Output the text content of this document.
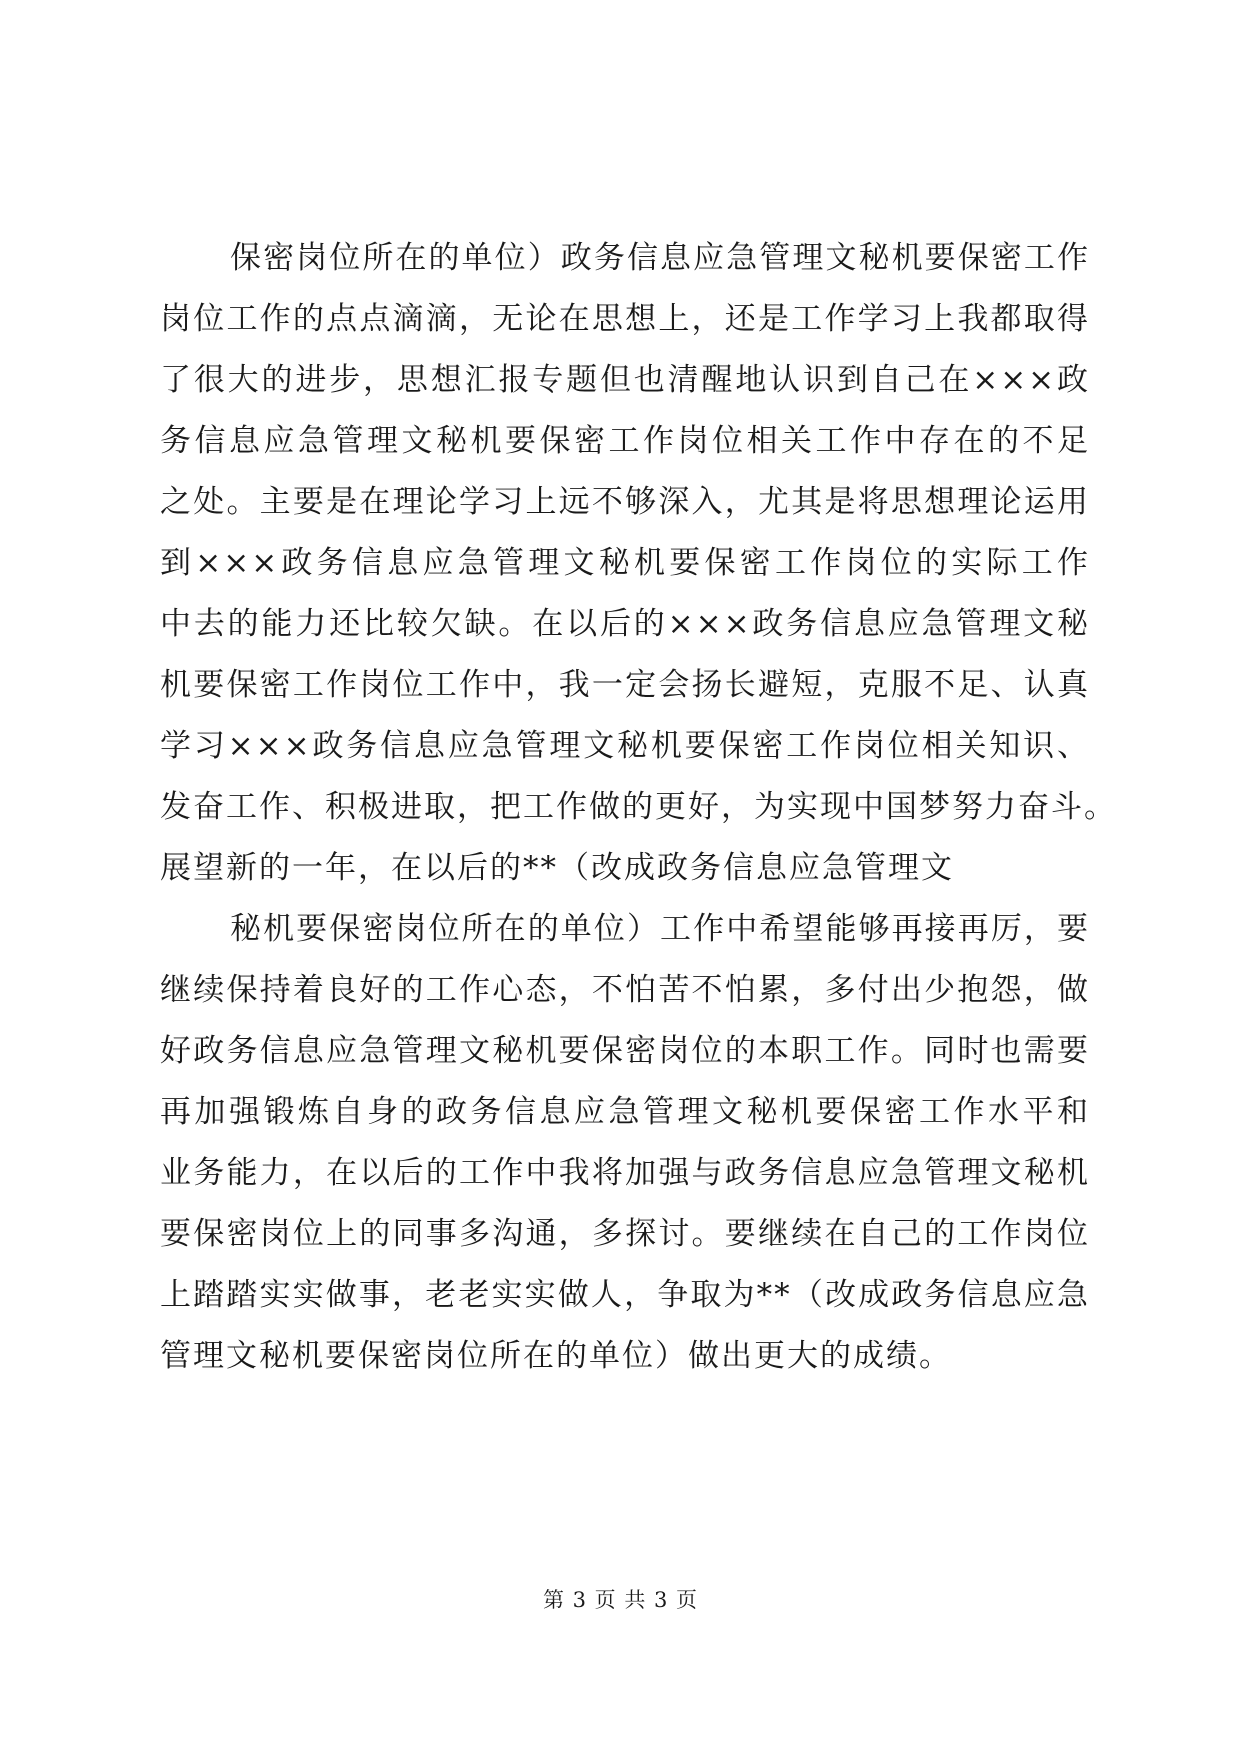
保密岗位所在的单位）政务信息应急管理文秘机要保密工作
岗位工作的点点滴滴，无论在思想上，还是工作学习上我都取得
了很大的进步，思想汇报专题但也清醒地认识到自己在×××政
务信息应急管理文秘机要保密工作岗位相关工作中存在的不足
之处。主要是在理论学习上远不够深入，尤其是将思想理论运用
到×××政务信息应急管理文秘机要保密工作岗位的实际工作
中去的能力还比较欠缺。在以后的×××政务信息应急管理文秘
机要保密工作岗位工作中，我一定会扬长避短，克服不足、认真
学习×××政务信息应急管理文秘机要保密工作岗位相关知识、
发奋工作、积极进取，把工作做的更好，为实现中国梦努力奋斗。
展望新的一年，在以后的**（改成政务信息应急管理文
秘机要保密岗位所在的单位）工作中希望能够再接再厉，要
继续保持着良好的工作心态，不怕苦不怕累，多付出少抱怨，做
好政务信息应急管理文秘机要保密岗位的本职工作。同时也需要
再加强锻炼自身的政务信息应急管理文秘机要保密工作水平和
业务能力，在以后的工作中我将加强与政务信息应急管理文秘机
要保密岗位上的同事多沟通，多探讨。要继续在自己的工作岗位
上踏踏实实做事，老老实实做人，争取为**（改成政务信息应急
管理文秘机要保密岗位所在的单位）做出更大的成绩。
第 3 页 共 3 页
